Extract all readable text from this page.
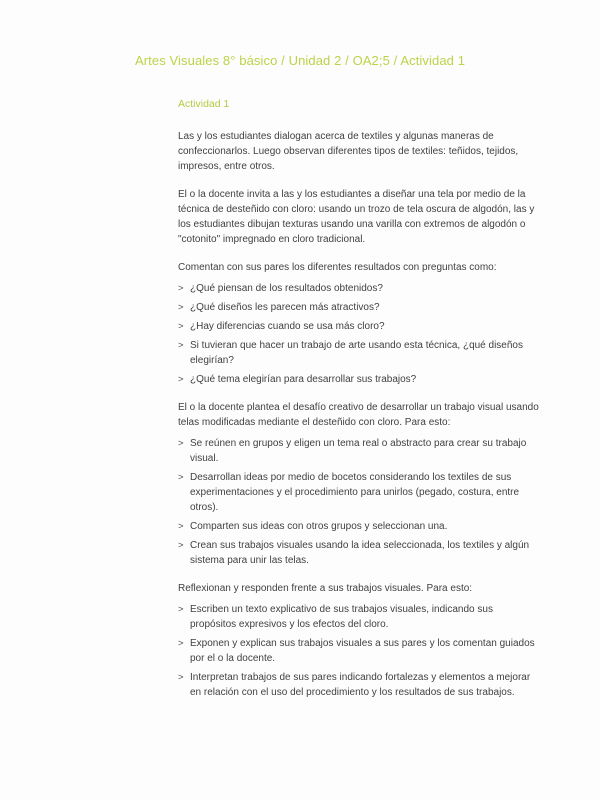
Artes Visuales 8° básico / Unidad 2 / OA2;5 / Actividad 1
Actividad 1

Las y los estudiantes dialogan acerca de textiles y algunas maneras de confeccionarlos. Luego observan diferentes tipos de textiles: teñidos, tejidos, impresos, entre otros.

El o la docente invita a las y los estudiantes a diseñar una tela por medio de la técnica de desteñido con cloro: usando un trozo de tela oscura de algodón, las y los estudiantes dibujan texturas usando una varilla con extremos de algodón o "cotonito" impregnado en cloro tradicional.

Comentan con sus pares los diferentes resultados con preguntas como:

> ¿Qué piensan de los resultados obtenidos?
> ¿Qué diseños les parecen más atractivos?
> ¿Hay diferencias cuando se usa más cloro?
> Si tuvieran que hacer un trabajo de arte usando esta técnica, ¿qué diseños elegirían?
> ¿Qué tema elegirían para desarrollar sus trabajos?

El o la docente plantea el desafío creativo de desarrollar un trabajo visual usando telas modificadas mediante el desteñido con cloro. Para esto:

> Se reúnen en grupos y eligen un tema real o abstracto para crear su trabajo visual.
> Desarrollan ideas por medio de bocetos considerando los textiles de sus experimentaciones y el procedimiento para unirlos (pegado, costura, entre otros).
> Comparten sus ideas con otros grupos y seleccionan una.
> Crean sus trabajos visuales usando la idea seleccionada, los textiles y algún sistema para unir las telas.

Reflexionan y responden frente a sus trabajos visuales. Para esto:

> Escriben un texto explicativo de sus trabajos visuales, indicando sus propósitos expresivos y los efectos del cloro.
> Exponen y explican sus trabajos visuales a sus pares y los comentan guiados por el o la docente.
> Interpretan trabajos de sus pares indicando fortalezas y elementos a mejorar en relación con el uso del procedimiento y los resultados de sus trabajos.
